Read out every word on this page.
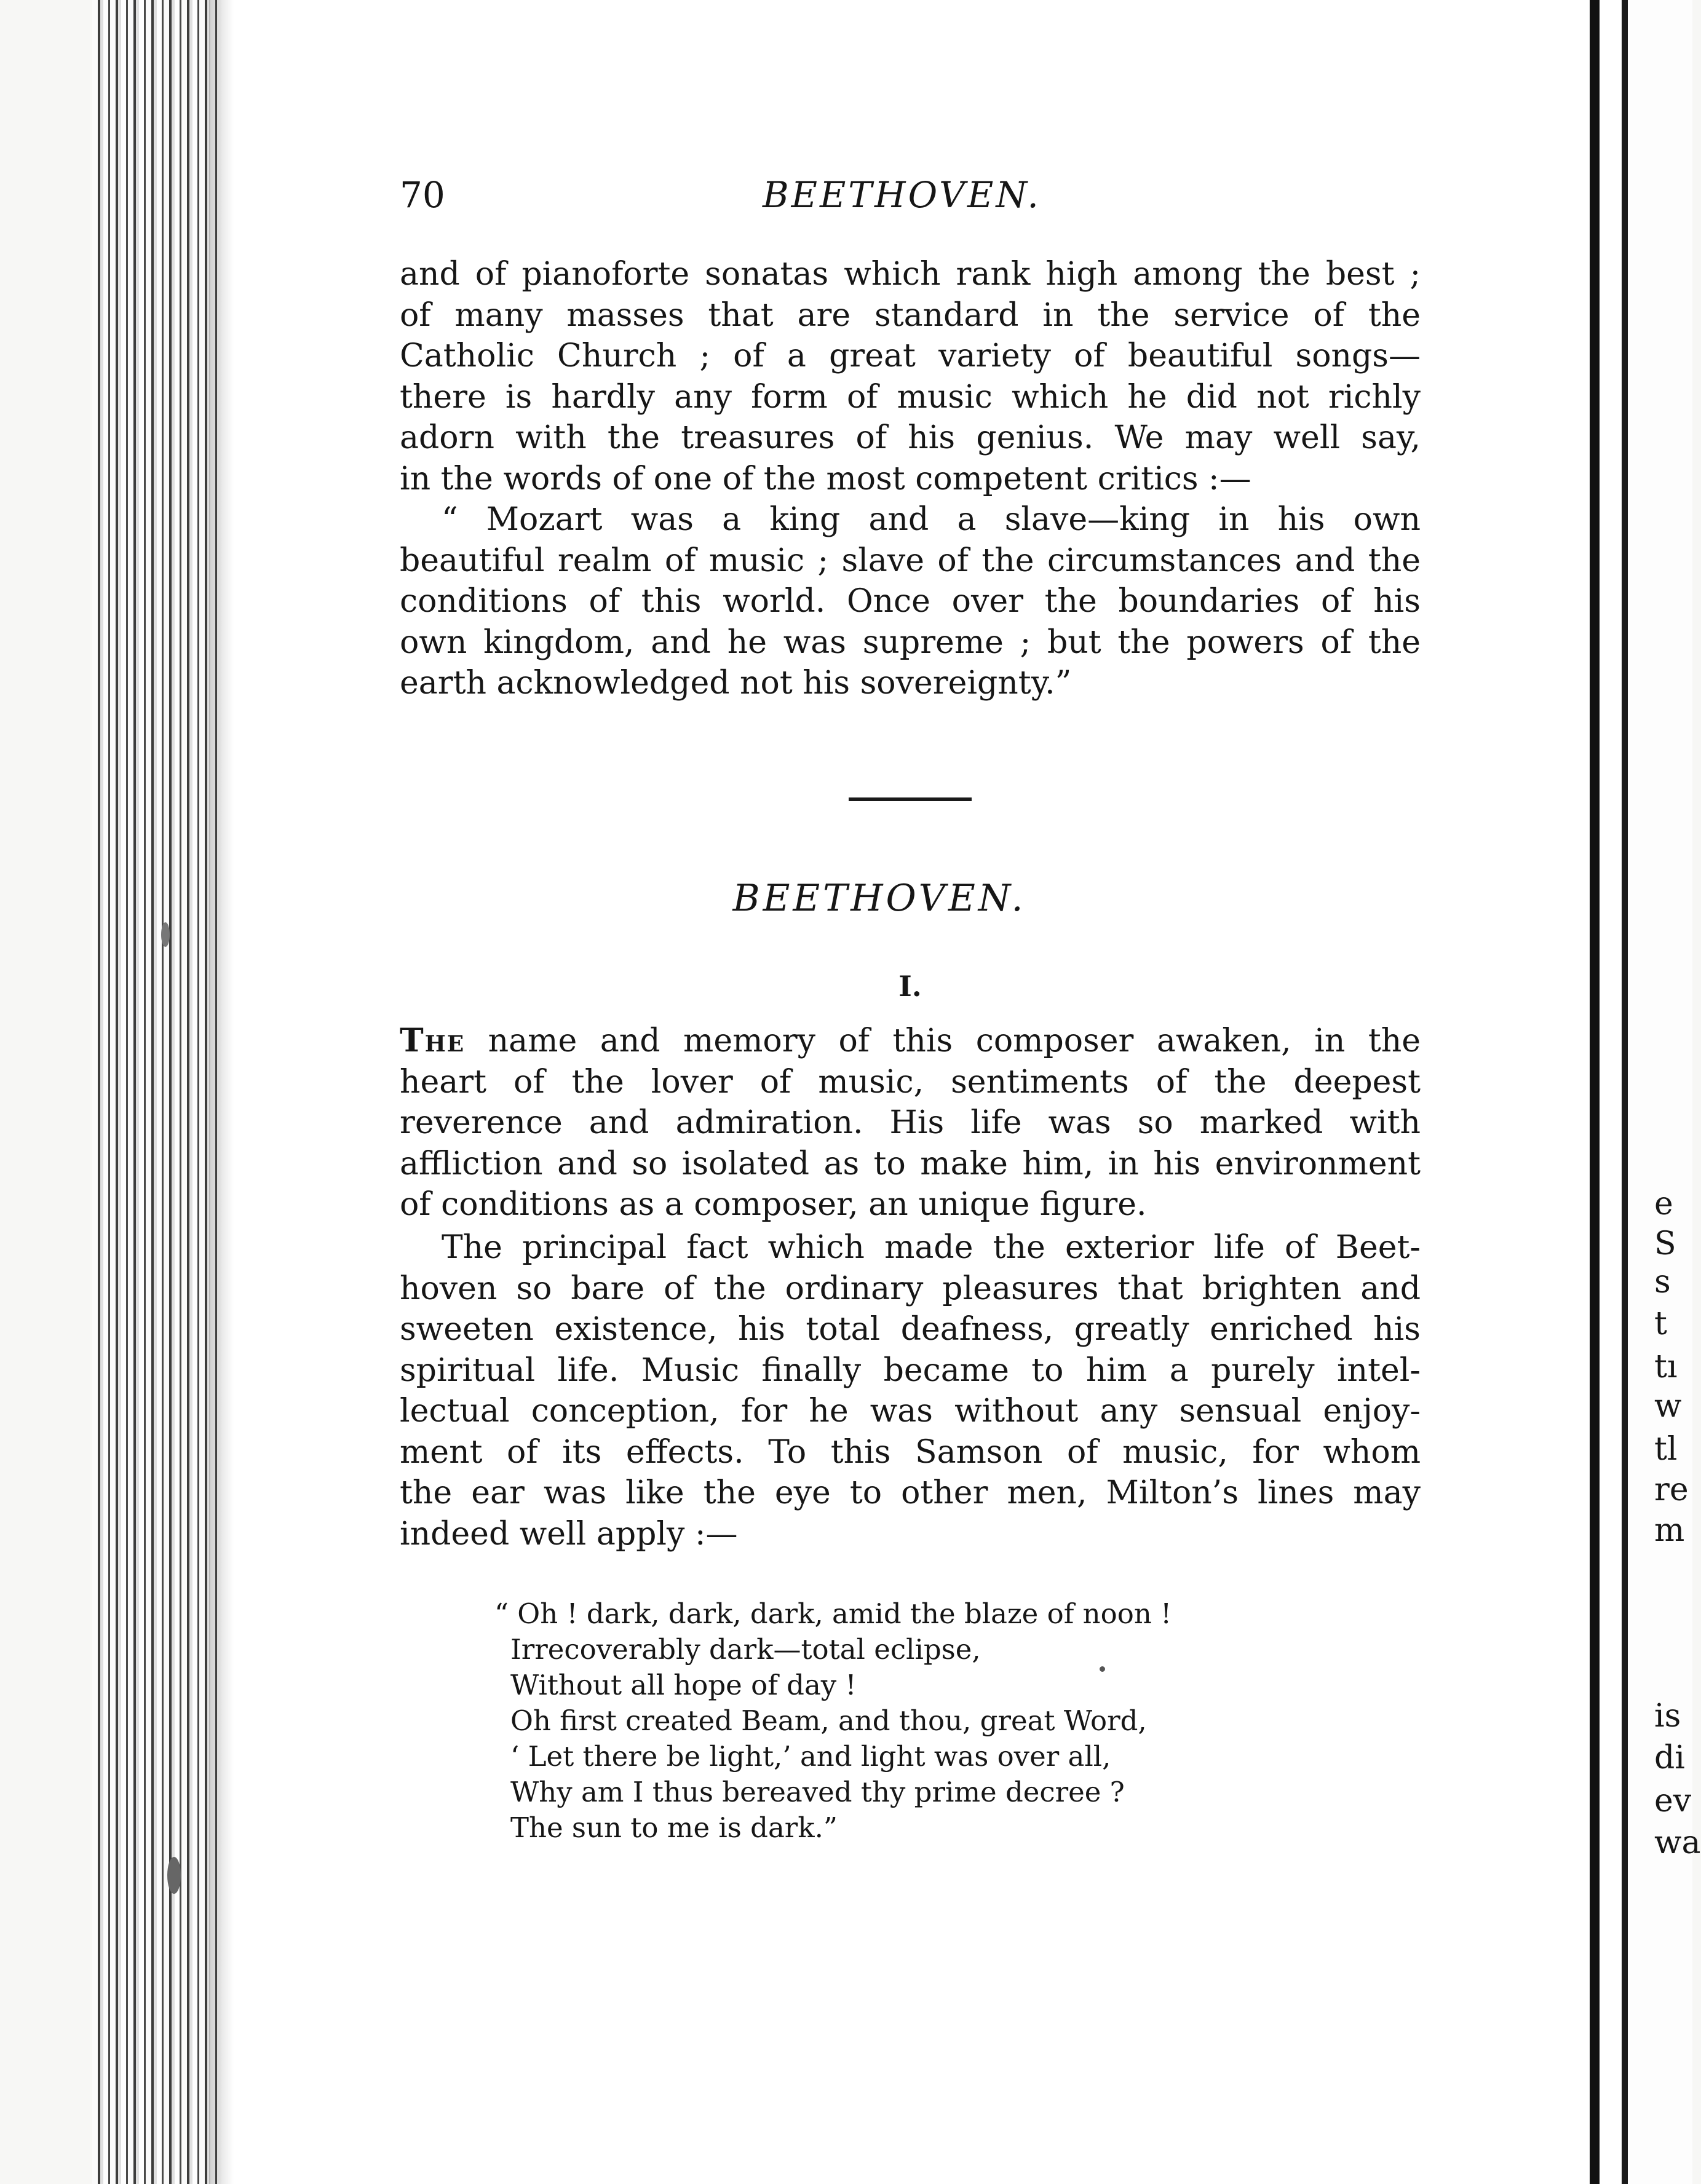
70	BEETHOVEN.
and of pianoforte sonatas which rank high among the best ;
of many masses that are standard in the service of the
Catholic Church ; of a great variety of beautiful songs—
there is hardly any form of music which he did not richly
adorn with the treasures of his genius. We may well say,
in the words of one of the most competent critics :—
“ Mozart was a king and a slave—king in his own
beautiful realm of music ; slave of the circumstances and the
conditions of this world. Once over the boundaries of his
own kingdom, and he was supreme ; but the powers of the
earth acknowledged not his sovereignty.”
BEETHOVEN.
I.
The name and memory of this composer awaken, in the
heart of the lover of music, sentiments of the deepest
reverence and admiration. His life was so marked with
affliction and so isolated as to make him, in his environment
of conditions as a composer, an unique figure.
The principal fact which made the exterior life of Beet-
hoven so bare of the ordinary pleasures that brighten and
sweeten existence, his total deafness, greatly enriched his
spiritual life. Music finally became to him a purely intel-
lectual conception, for he was without any sensual enjoy-
ment of its effects. To this Samson of music, for whom
the ear was like the eye to other men, Milton’s lines may
indeed well apply :—
“ Oh ! dark, dark, dark, amid the blaze of noon !
Irrecoverably dark—total eclipse,
Without all hope of day !
Oh first created Beam, and thou, great Word,
‘ Let there be light,’ and light was over all,
Why am I thus bereaved thy prime decree ?
The sun to me is dark.”
e
S
s
t
tı
w
tl
re
m
is
di
ev
wa
